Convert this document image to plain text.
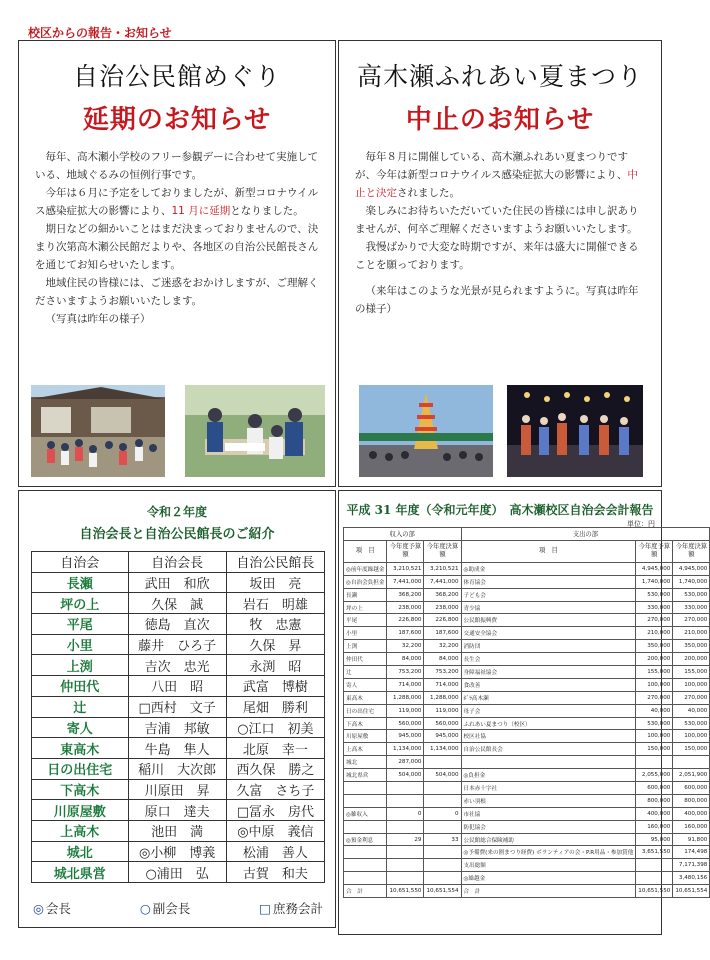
校区からの報告・お知らせ
自治公民館めぐり
延期のお知らせ

毎年、高木瀬小学校のフリー参観デーに合わせて実施している、地域ぐるみの恒例行事です。

今年は６月に予定をしておりましたが、新型コロナウイルス感染症拡大の影響により、11 月に延期となりました。

期日などの細かいことはまだ決まっておりませんので、決まり次第高木瀬公民館だよりや、各地区の自治公民館長さんを通じてお知らせいたします。

地域住民の皆様には、ご迷惑をおかけしますが、ご理解くださいますようお願いいたします。

（写真は昨年の様子）

高木瀬ふれあい夏まつり
中止のお知らせ

毎年８月に開催している、高木瀬ふれあい夏まつりですが、今年は新型コロナウイルス感染症拡大の影響により、中止と決定されました。

楽しみにお待ちいただいていた住民の皆様には申し訳ありませんが、何卒ご理解くださいますようお願いいたします。

我慢ばかりで大変な時期ですが、来年は盛大に開催できることを願っております。

（来年はこのような光景が見られますように。写真は昨年の様子）

令和２年度
自治会長と自治公民館長のご紹介
自治会	自治会長	自治公民館長
長瀬	武田　和欣	坂田　亮
坪の上	久保　誠	岩石　明雄
平尾	徳島　直次	牧　忠憲
小里	藤井　ひろ子	久保　昇
上渕	吉次　忠光	永渕　昭
仲田代	八田　昭	武富　博樹
辻	□西村　文子	尾畑　勝利
寄人	吉浦　邦敏	○江口　初美
東高木	牛島　隼人	北原　幸一
日の出住宅	稲川　大次郎	西久保　勝之
下高木	川原田　昇	久富　さち子
川原屋敷	原口　達夫	□冨永　房代
上高木	池田　満	◎中原　義信
城北	◎小柳　博義	松浦　善人
城北県営	○浦田　弘	古賀　和夫
◎ 会長	○ 副会長	□ 庶務会計
平成 31 年度（令和元年度）　高木瀬校区自治会会計報告
単位：円
収入の部			支出の部		
項　目	今年度予算額	今年度決算額	項　目	今年度予算額	今年度決算額
◎前年度繰越金	3,210,521	3,210,521	◎助成金	4,945,000	4,945,000
◎自治会負担金	7,441,000	7,441,000	体育協会	1,740,000	1,740,000
長瀬	368,200	368,200	子ども会	530,000	530,000
坪の上	238,000	238,000	青少協	330,000	330,000
平尾	226,800	226,800	公民館振興費	270,000	270,000
小里	187,600	187,600	交通安全協会	210,000	210,000
上渕	32,200	32,200	消防団	350,000	350,000
仲田代	84,000	84,000	長生会	200,000	200,000
辻	753,200	753,200	身障福祉協会	155,000	155,000
寄人	714,000	714,000	食改善	100,000	100,000
東高木	1,288,000	1,288,000	ﾎﾞﾗ高木瀬	270,000	270,000
日の出住宅	119,000	119,000	母子会	40,000	40,000
下高木	560,000	560,000	ふれあい夏まつり（校区）	530,000	530,000
川原屋敷	945,000	945,000	校区社協	100,000	100,000
上高木	1,134,000	1,134,000	自治公民館長会	150,000	150,000
城北	287,000				
城北県営	504,000	504,000	◎負担金	2,055,000	2,051,900
			日本赤十字社	600,000	600,000
			赤い羽根	800,000	800,000
◎雑収入	0	0	市社協	400,000	400,000
			防犯協会	160,000	160,000
◎預金利息	29	33	公民館総合保険補助	95,000	91,800
			◎予備費(来の圏まつり経費) ボランティアの会・P.R用品・参加賞他	3,651,550	174,498
			支出総額		7,171,398
			◎繰越金		3,480,156
合　計	10,651,550	10,651,554	合　計	10,651,550	10,651,554
